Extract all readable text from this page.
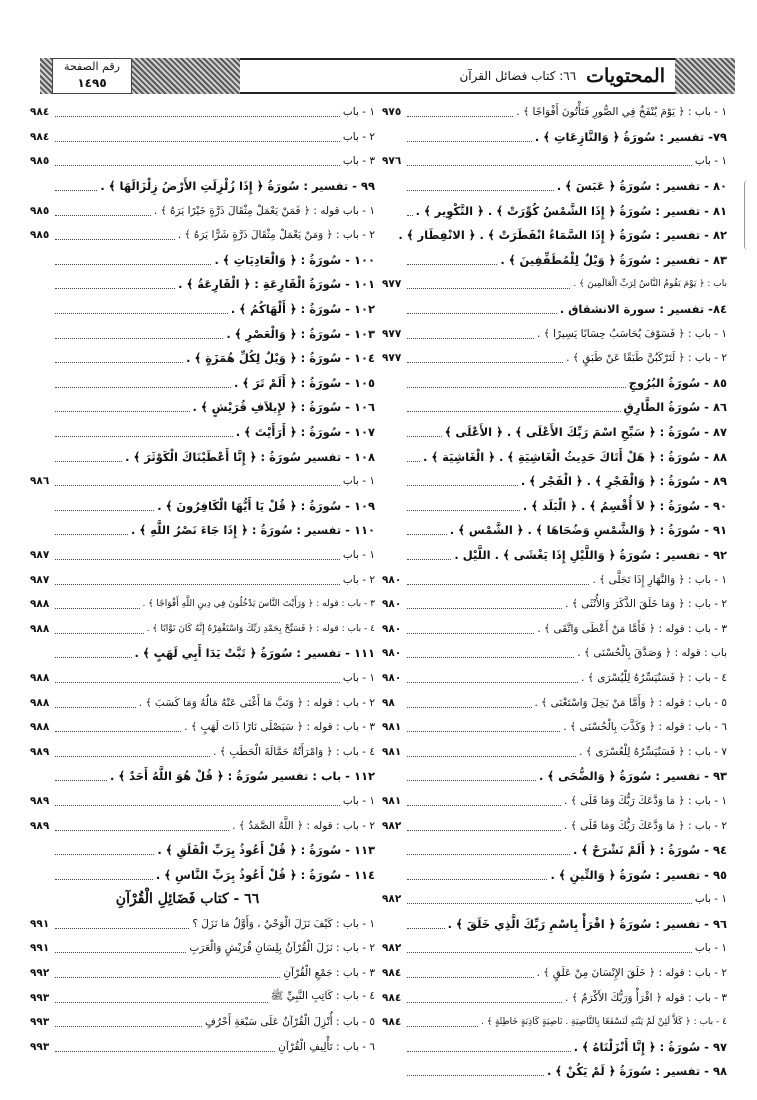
المحتويات
٦٦: كتاب فضائل القرآن
رقم الصفحة
١٤٩٥
١ - باب : ﴿ يَوْمَ يُنْفَخُ فِي الصُّورِ فَتَأْتُونَ أَفْوَاجًا ﴾ .
٩٧٥
٧٩- تفسير : سُورَةُ ﴿ وَالنَّازِعَاتِ ﴾ .
١ - باب
٩٧٦
٨٠ - تفسير : سُورَةُ ﴿ عَبَسَ ﴾ .
٨١ - تفسير : سُورَةُ ﴿ إِذَا الشَّمْسُ كُوِّرَتْ ﴾ . ﴿ التَّكْوِير ﴾ .
٨٢ - تفسير : سُورَةُ ﴿ إِذَا السَّمَاءُ انْفَطَرَتْ ﴾ . ﴿ الانْفِطَار ﴾ .
٨٣ - تفسير : سُورَةُ ﴿ وَيْلٌ لِلْمُطَفِّفِينَ ﴾ .
باب : ﴿ يَوْمَ يَقُومُ النَّاسُ لِرَبِّ الْعَالَمِينَ ﴾ .
٩٧٧
٨٤- تفسير : سورة الانشقاق .
١ - باب : ﴿ فَسَوْفَ يُحَاسَبُ حِسَابًا يَسِيرًا ﴾ .
٩٧٧
٢ - باب : ﴿ لَتَرْكَبُنَّ طَبَقًا عَنْ طَبَقٍ ﴾ .
٩٧٧
٨٥ - سُورَةُ البُرُوجِ
٨٦ - سُورَةُ الطَّارِقِ
٨٧ - سُورَةُ : ﴿ سَبِّحِ اسْمَ رَبِّكَ الأَعْلَى ﴾ . ﴿ الأَعْلَى ﴾
٨٨ - سُورَةُ : ﴿ هَلْ أَتَاكَ حَدِيثُ الْغَاشِيَةِ ﴾ . ﴿ الْغَاشِيَة ﴾ .
٨٩ - سُورَةُ : ﴿ وَالْفَجْرِ ﴾ . ﴿ الْفَجْر ﴾ .
٩٠ - سُورَةُ : ﴿ لاَ أُقْسِمُ ﴾ . ﴿ الْبَلَد ﴾ .
٩١ - سُورَةُ : ﴿ وَالشَّمْسِ وَضُحَاهَا ﴾ . ﴿ الشَّمْس ﴾ .
٩٢ - تفسير : سُورَةُ ﴿ وَاللَّيْلِ إِذَا يَغْشَى ﴾ . اللَّيْل .
١ - باب : ﴿ وَالنَّهَارِ إِذَا تَجَلَّى ﴾ .
٩٨٠
٢ - باب : ﴿ وَمَا خَلَقَ الذَّكَرَ وَالأُنْثَى ﴾ .
٩٨٠
٣ - باب : قوله : ﴿ فَأَمَّا مَنْ أَعْطَى وَاتَّقَى ﴾ .
٩٨٠
باب : قوله : ﴿ وَصَدَّقَ بِالْحُسْنَى ﴾ .
٩٨٠
٤ - باب : ﴿ فَسَنُيَسِّرُهُ لِلْيُسْرَى ﴾ .
٩٨٠
٥ - باب : قوله : ﴿ وَأَمَّا مَنْ بَخِلَ وَاسْتَغْنَى ﴾ .
٩٨
٦ - باب : قوله : ﴿ وَكَذَّبَ بِالْحُسْنَى ﴾ .
٩٨١
٧ - باب : ﴿ فَسَنُيَسِّرُهُ لِلْعُسْرَى ﴾ .
٩٨١
٩٣ - تفسير : سُورَةُ ﴿ وَالضُّحَى ﴾ .
١ - باب : ﴿ مَا وَدَّعَكَ رَبُّكَ وَمَا قَلَى ﴾ .
٩٨١
٢ - باب : ﴿ مَا وَدَّعَكَ رَبُّكَ وَمَا قَلَى ﴾ .
٩٨٢
٩٤ - سُورَةُ : ﴿ أَلَمْ نَشْرَحْ ﴾ .
٩٥ - تفسير : سُورَةُ ﴿ وَالتِّينِ ﴾ .
١ - باب
٩٨٢
٩٦ - تفسير : سُورَةُ ﴿ اقْرَأْ بِاسْمِ رَبِّكَ الَّذِي خَلَقَ ﴾ .
١ - باب
٩٨٢
٢ - باب : قوله : ﴿ خَلَقَ الإِنْسَانَ مِنْ عَلَقٍ ﴾ .
٩٨٤
٣ - باب : قوله ﴿ اقْرَأْ وَرَبُّكَ الأَكْرَمُ ﴾ .
٩٨٤
٤ - باب : ﴿ كَلاَّ لَئِنْ لَمْ يَنْتَهِ لَنَسْفَعًا بِالنَّاصِيَةِ . نَاصِيَةٍ كَاذِبَةٍ خَاطِئَةٍ ﴾ .
٩٨٤
٩٧ - سُورَةُ : ﴿ إِنَّا أَنْزَلْنَاهُ ﴾ .
٩٨ - تفسير : سُورَةُ ﴿ لَمْ يَكُنْ ﴾ .
١ - باب
٩٨٤
٢ - باب
٩٨٤
٣ - باب
٩٨٥
٩٩ - تفسير : سُورَةُ ﴿ إِذَا زُلْزِلَتِ الأَرْضُ زِلْزَالَهَا ﴾ .
١ - باب قوله : ﴿ فَمَنْ يَعْمَلْ مِثْقَالَ ذَرَّةٍ خَيْرًا يَرَهُ ﴾ .
٩٨٥
٢ - باب : ﴿ وَمَنْ يَعْمَلْ مِثْقَالَ ذَرَّةٍ شَرًّا يَرَهُ ﴾ .
٩٨٥
١٠٠ - سُورَةُ : ﴿ وَالْعَادِيَاتِ ﴾ .
١٠١ - سُورَةُ الْقَارِعَةِ : ﴿ الْقَارِعَةُ ﴾ .
١٠٢ - سُورَةُ : ﴿ أَلْهَاكُمُ ﴾ .
١٠٣ - سُورَةُ : ﴿ وَالْعَصْرِ ﴾ .
١٠٤ - سُورَةُ : ﴿ وَيْلٌ لِكُلِّ هُمَزَةٍ ﴾ .
١٠٥ - سُورَةُ : ﴿ أَلَمْ تَرَ ﴾ .
١٠٦ - سُورَةُ : ﴿ لإِيلاَفِ قُرَيْشٍ ﴾ .
١٠٧ - سُورَةُ : ﴿ أَرَأَيْتَ ﴾ .
١٠٨ - تفسير سُورَةُ : ﴿ إِنَّا أَعْطَيْنَاكَ الْكَوْثَرَ ﴾ .
١ - باب
٩٨٦
١٠٩ - سُورَةُ : ﴿ قُلْ يَا أَيُّهَا الْكَافِرُونَ ﴾ .
١١٠ - تفسير : سُورَةُ : ﴿ إِذَا جَاءَ نَصْرُ اللَّهِ ﴾ .
١ - باب
٩٨٧
٢ - باب
٩٨٧
٣ - باب : قوله : ﴿ وَرَأَيْتَ النَّاسَ يَدْخُلُونَ فِي دِينِ اللَّهِ أَفْوَاجًا ﴾ .
٩٨٨
٤ - باب : قوله : ﴿ فَسَبِّحْ بِحَمْدِ رَبِّكَ وَاسْتَغْفِرْهُ إِنَّهُ كَانَ تَوَّابًا ﴾ .
٩٨٨
١١١ - تفسير : سُورَةُ ﴿ تَبَّتْ يَدَا أَبِي لَهَبٍ ﴾ .
١ - باب
٩٨٨
٢ - باب : قوله : ﴿ وَتَبَّ مَا أَغْنَى عَنْهُ مَالُهُ وَمَا كَسَبَ ﴾ .
٩٨٨
٣ - باب : قوله : ﴿ سَيَصْلَى نَارًا ذَاتَ لَهَبٍ ﴾ .
٩٨٨
٤ - باب : ﴿ وَامْرَأَتُهُ حَمَّالَةَ الْحَطَبِ ﴾ .
٩٨٩
١١٢ - باب : تفسير سُورَةُ : ﴿ قُلْ هُوَ اللَّهُ أَحَدٌ ﴾ .
١ - باب
٩٨٩
٢ - باب : قوله : ﴿ اللَّهُ الصَّمَدُ ﴾ .
٩٨٩
١١٣ - سُورَةُ : ﴿ قُلْ أَعُوذُ بِرَبِّ الْفَلَقِ ﴾ .
١١٤ - سُورَةُ : ﴿ قُلْ أَعُوذُ بِرَبِّ النَّاسِ ﴾ .
٦٦ - كتاب فَضَائِلِ الْقُرْآنِ
١ - باب : كَيْفَ نَزَلَ الْوَحْيُ ، وَأَوَّلُ مَا نَزَلَ ؟
٩٩١
٢ - باب : نَزَلَ الْقُرْآنُ بِلِسَانِ قُرَيْشٍ وَالْعَرَبِ
٩٩١
٣ - باب : جَمْعِ الْقُرْآنِ
٩٩٢
٤ - باب : كَاتِبِ النَّبِيِّ ﷺ
٩٩٣
٥ - باب : أُنْزِلَ الْقُرْآنُ عَلَى سَبْعَةِ أَحْرُفٍ
٩٩٣
٦ - باب : تَأْلِيفِ الْقُرْآنِ
٩٩٣
